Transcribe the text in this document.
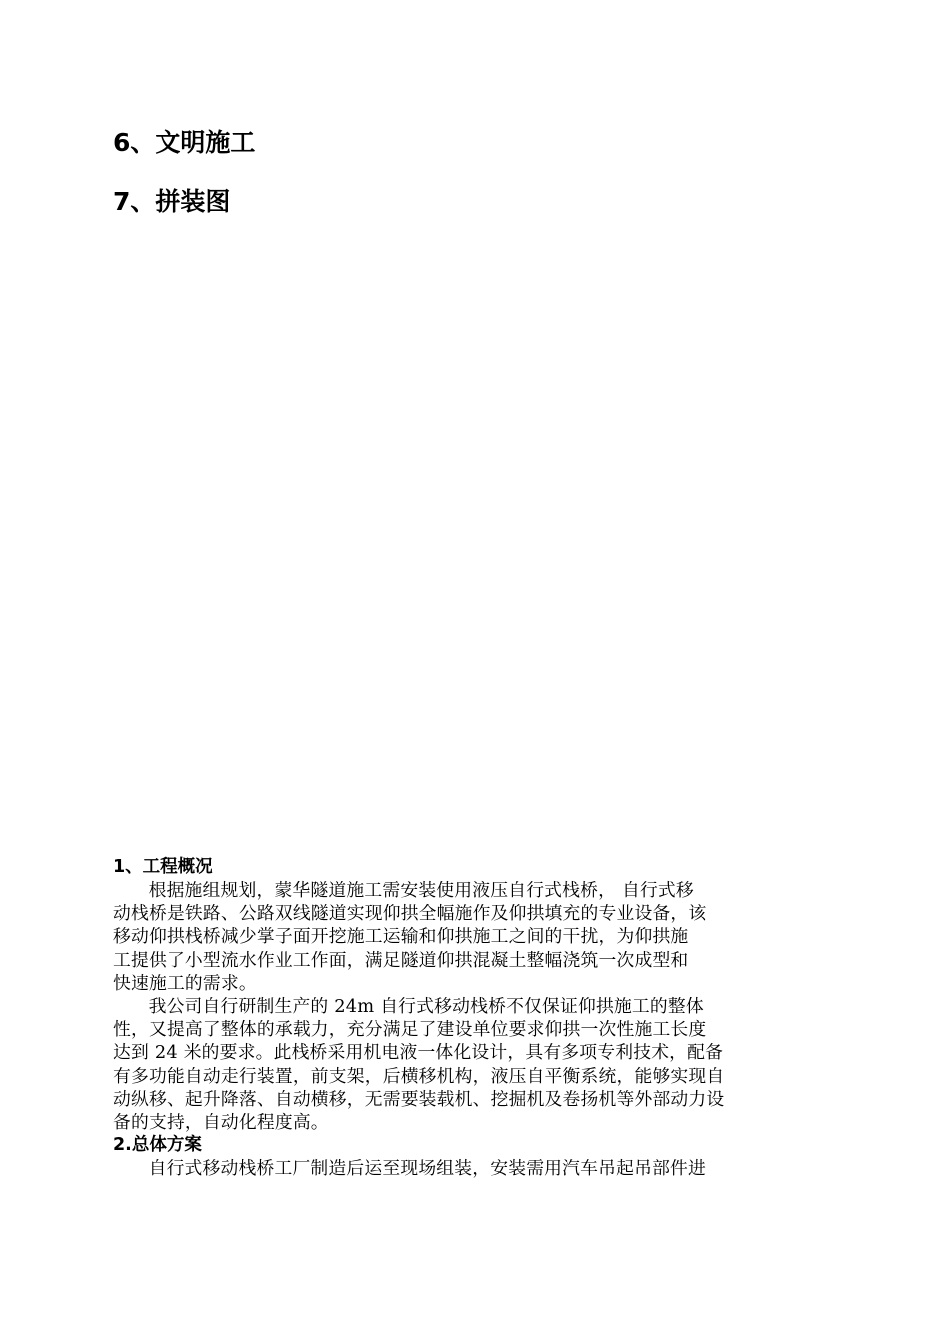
6、文明施工
7、拼装图
1、工程概况

根据施组规划，蒙华隧道施工需安装使用液压自行式栈桥， 自行式移
动栈桥是铁路、公路双线隧道实现仰拱全幅施作及仰拱填充的专业设备，该
移动仰拱栈桥减少掌子面开挖施工运输和仰拱施工之间的干扰，为仰拱施
工提供了小型流水作业工作面，满足隧道仰拱混凝土整幅浇筑一次成型和
快速施工的需求。

我公司自行研制生产的 24m 自行式移动栈桥不仅保证仰拱施工的整体
性，又提高了整体的承载力，充分满足了建设单位要求仰拱一次性施工长度
达到 24 米的要求。此栈桥采用机电液一体化设计，具有多项专利技术，配备
有多功能自动走行装置，前支架，后横移机构，液压自平衡系统，能够实现自
动纵移、起升降落、自动横移，无需要装载机、挖掘机及卷扬机等外部动力设
备的支持，自动化程度高。

2.总体方案

自行式移动栈桥工厂制造后运至现场组装，安装需用汽车吊起吊部件进
